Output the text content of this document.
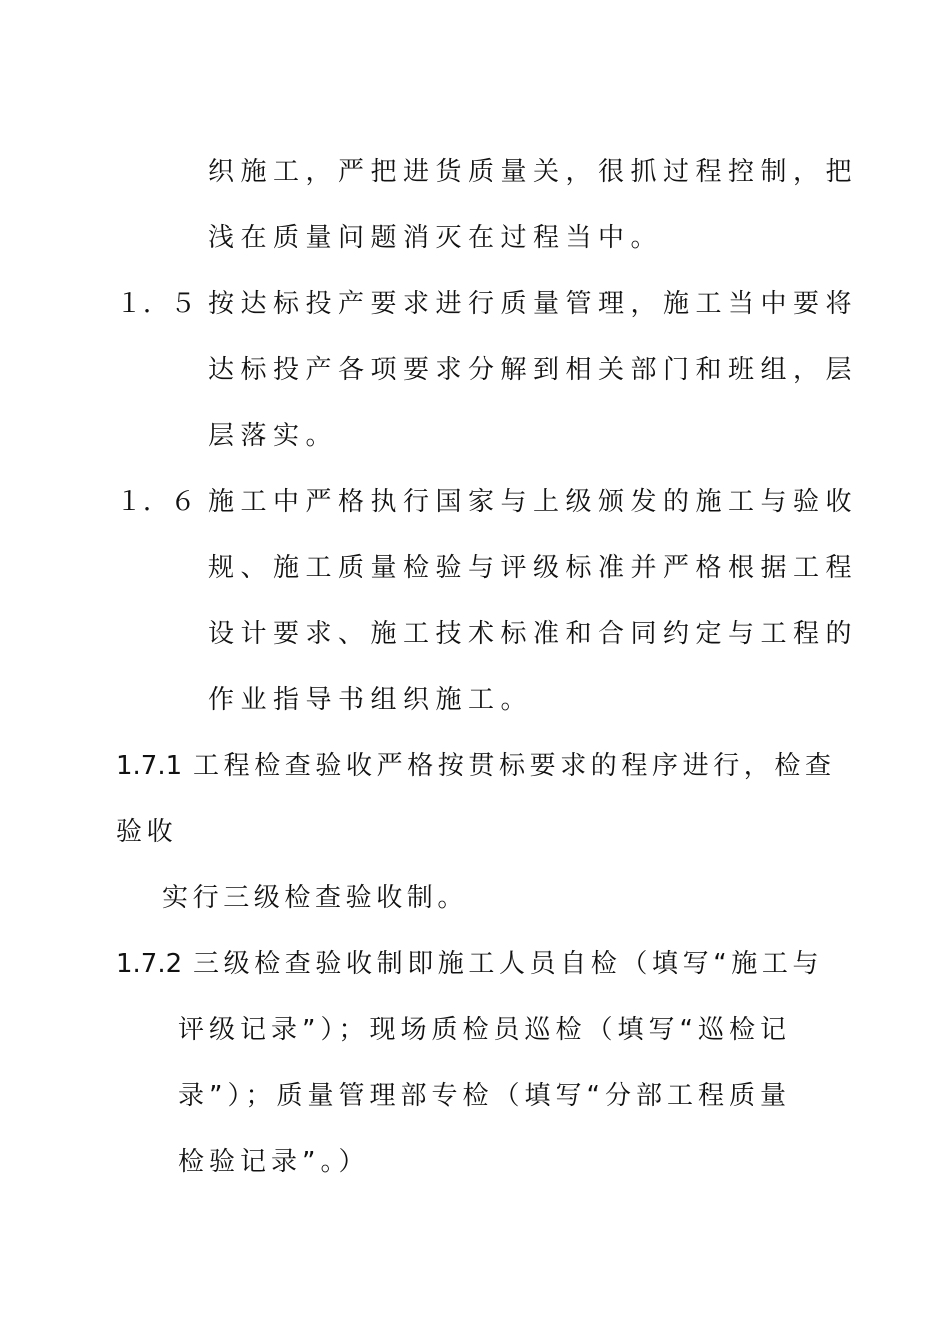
织施工，严把进货质量关，很抓过程控制，把
浅在质量问题消灭在过程当中。
１．５ 按达标投产要求进行质量管理，施工当中要将
达标投产各项要求分解到相关部门和班组，层
层落实。
１．６ 施工中严格执行国家与上级颁发的施工与验收
规、施工质量检验与评级标准并严格根据工程
设计要求、施工技术标准和合同约定与工程的
作业指导书组织施工。
1.7.1 工程检查验收严格按贯标要求的程序进行，检查
验收
实行三级检查验收制。
1.7.2 三级检查验收制即施工人员自检（填写“施工与
评级记录”）；现场质检员巡检（填写“巡检记
录”）；质量管理部专检（填写“分部工程质量
检验记录”。）
